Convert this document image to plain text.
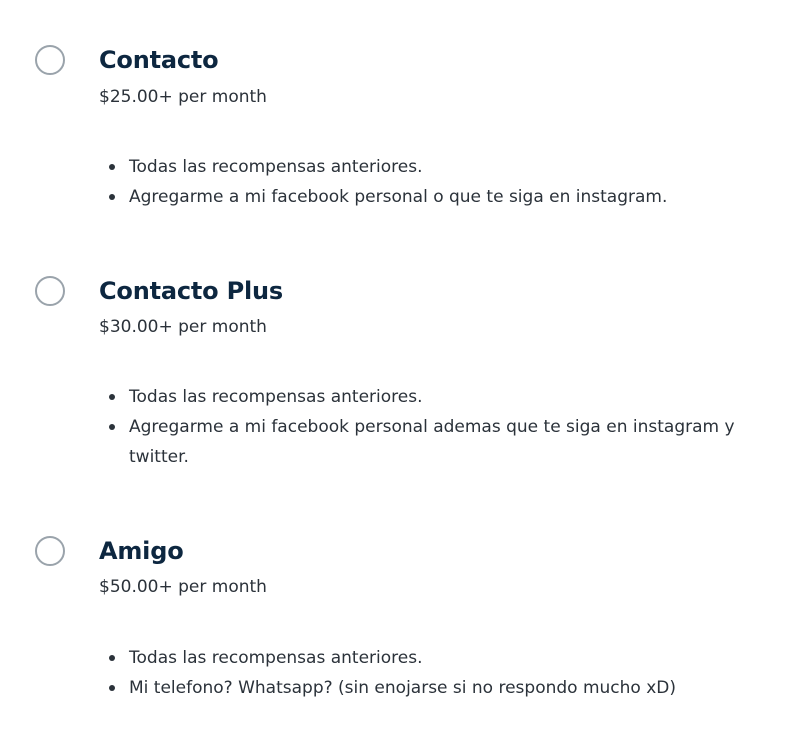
Contacto
$25.00+ per month
Todas las recompensas anteriores.
Agregarme a mi facebook personal o que te siga en instagram.
Contacto Plus
$30.00+ per month
Todas las recompensas anteriores.
Agregarme a mi facebook personal ademas que te siga en instagram y twitter.
Amigo
$50.00+ per month
Todas las recompensas anteriores.
Mi telefono? Whatsapp? (sin enojarse si no respondo mucho xD)
